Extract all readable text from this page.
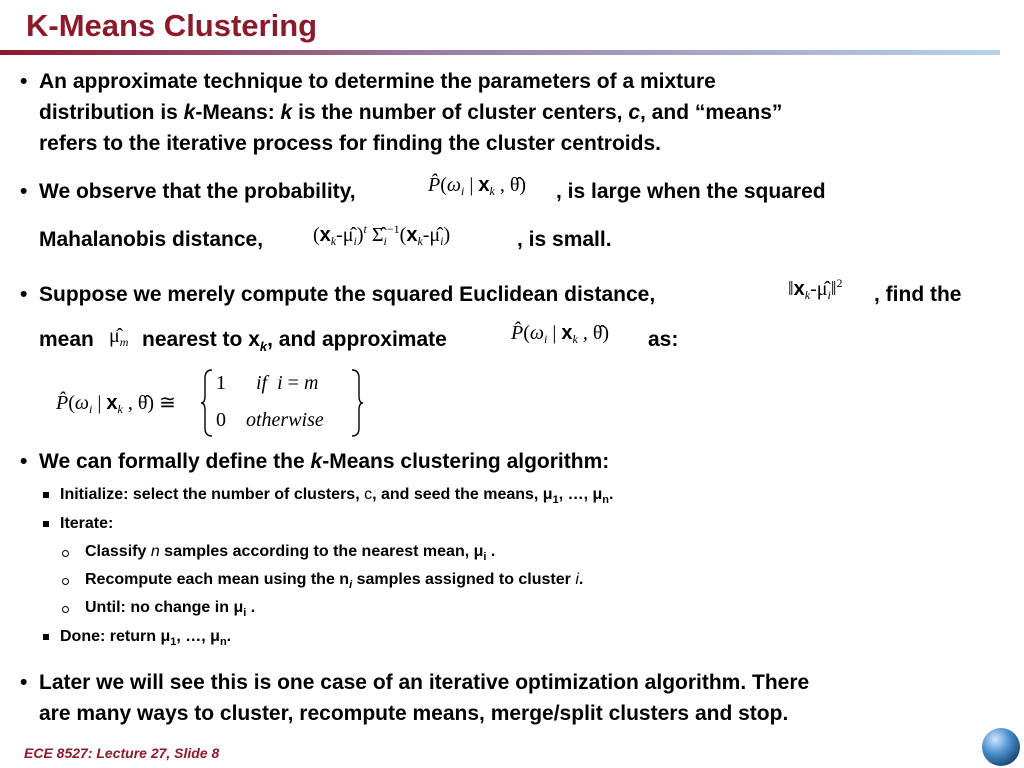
K-Means Clustering
• An approximate technique to determine the parameters of a mixture
distribution is k-Means: k is the number of cluster centers, c, and “means”
refers to the iterative process for finding the cluster centroids.
• We observe that the probability,	$P̂(\omega_i$ | $x_k$ , θ̂) , is large when the squared
Mahalanobis distance, $(x_k-\mû_i)^t$ $\Sigmâ_i^{-1}(x_k-\mû_i)$	, is small.
• Suppose we merely compute the squared Euclidean distance,	$‖x_k-\mû_i‖^2$ , find the
mean $\mû_m$ nearest to $x_k$, and approximate	$P̂(\omega_i$ | $x_k$ , θ̂) as:
$P̂(\omega_i$ | $x_k$ , θ̂) ≅
1      if  i = m
0    otherwise
• We can formally define the k-Means clustering algorithm:
Initialize: select the number of clusters, c, and seed the means, $\mu_1$, …, $\mu_n$.
Iterate:
Classify n samples according to the nearest mean, $\mu_i$ .
Recompute each mean using the $n_i$ samples assigned to cluster i.
Until: no change in $\mu_i$ .
Done: return $\mu_1$, …, $\mu_n$.
• Later we will see this is one case of an iterative optimization algorithm. There
are many ways to cluster, recompute means, merge/split clusters and stop.
ECE 8527: Lecture 27, Slide 8
